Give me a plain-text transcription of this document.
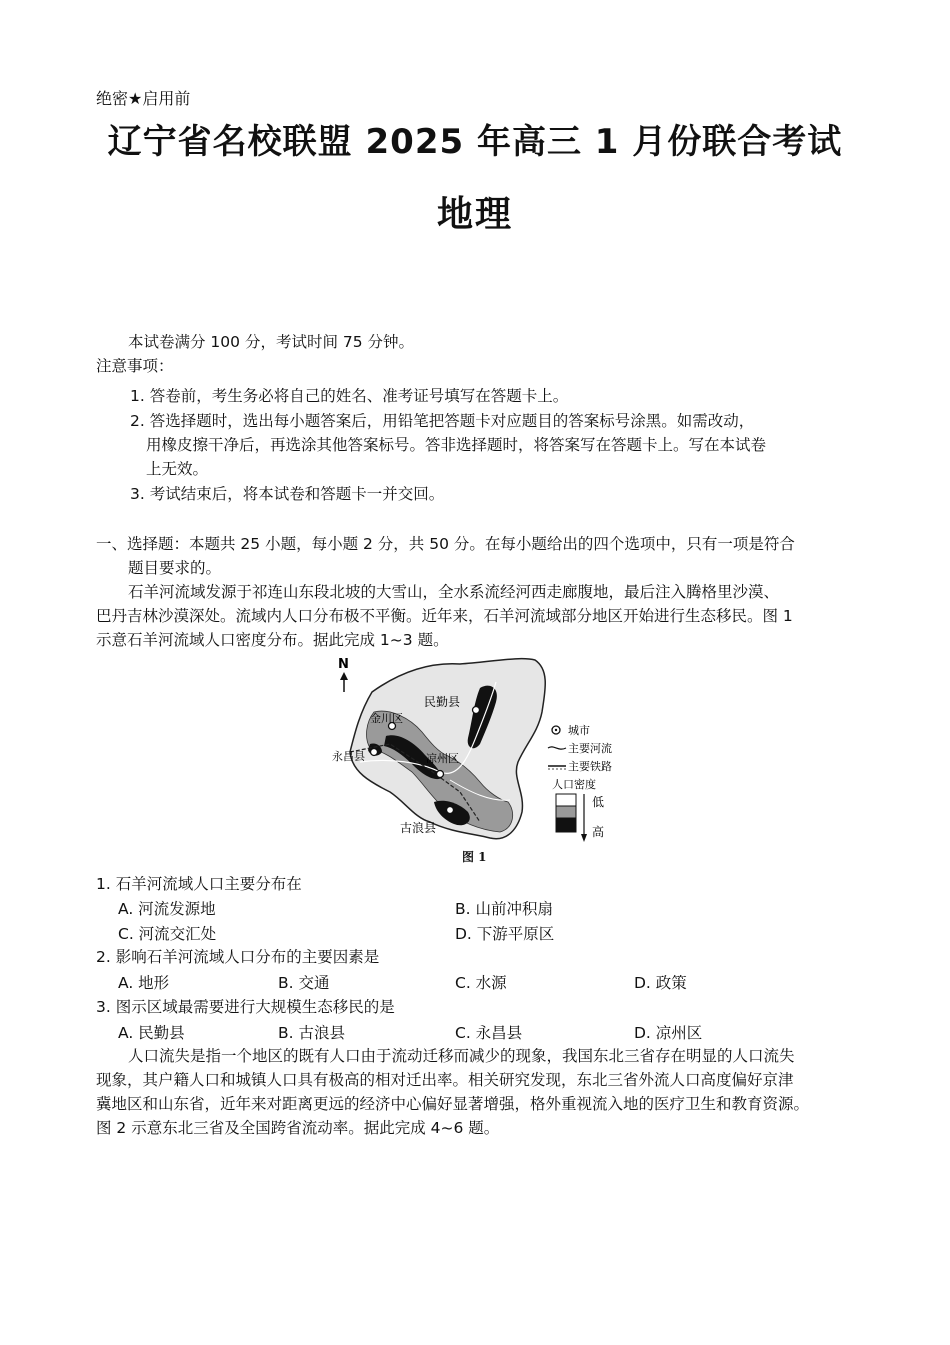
绝密★启用前
辽宁省名校联盟 2025 年高三 1 月份联合考试
地理
本试卷满分 100 分，考试时间 75 分钟。
注意事项：
1. 答卷前，考生务必将自己的姓名、准考证号填写在答题卡上。
2. 答选择题时，选出每小题答案后，用铅笔把答题卡对应题目的答案标号涂黑。如需改动，
用橡皮擦干净后，再选涂其他答案标号。答非选择题时，将答案写在答题卡上。写在本试卷
上无效。
3. 考试结束后，将本试卷和答题卡一并交回。
一、选择题：本题共 25 小题，每小题 2 分，共 50 分。在每小题给出的四个选项中，只有一项是符合
题目要求的。
石羊河流域发源于祁连山东段北坡的大雪山，全水系流经河西走廊腹地，最后注入腾格里沙漠、
巴丹吉林沙漠深处。流域内人口分布极不平衡。近年来，石羊河流域部分地区开始进行生态移民。图 1
示意石羊河流域人口密度分布。据此完成 1~3 题。
N
民勤县
金川区
永昌县	凉州区
古浪县
城市
主要河流
主要铁路
人口密度
低
高
图 1
1. 石羊河流域人口主要分布在
A. 河流发源地	B. 山前冲积扇
C. 河流交汇处	D. 下游平原区
2. 影响石羊河流域人口分布的主要因素是
A. 地形	B. 交通	C. 水源	D. 政策
3. 图示区域最需要进行大规模生态移民的是
A. 民勤县	B. 古浪县	C. 永昌县	D. 凉州区
人口流失是指一个地区的既有人口由于流动迁移而减少的现象，我国东北三省存在明显的人口流失
现象，其户籍人口和城镇人口具有极高的相对迁出率。相关研究发现，东北三省外流人口高度偏好京津
冀地区和山东省，近年来对距离更远的经济中心偏好显著增强，格外重视流入地的医疗卫生和教育资源。
图 2 示意东北三省及全国跨省流动率。据此完成 4~6 题。
